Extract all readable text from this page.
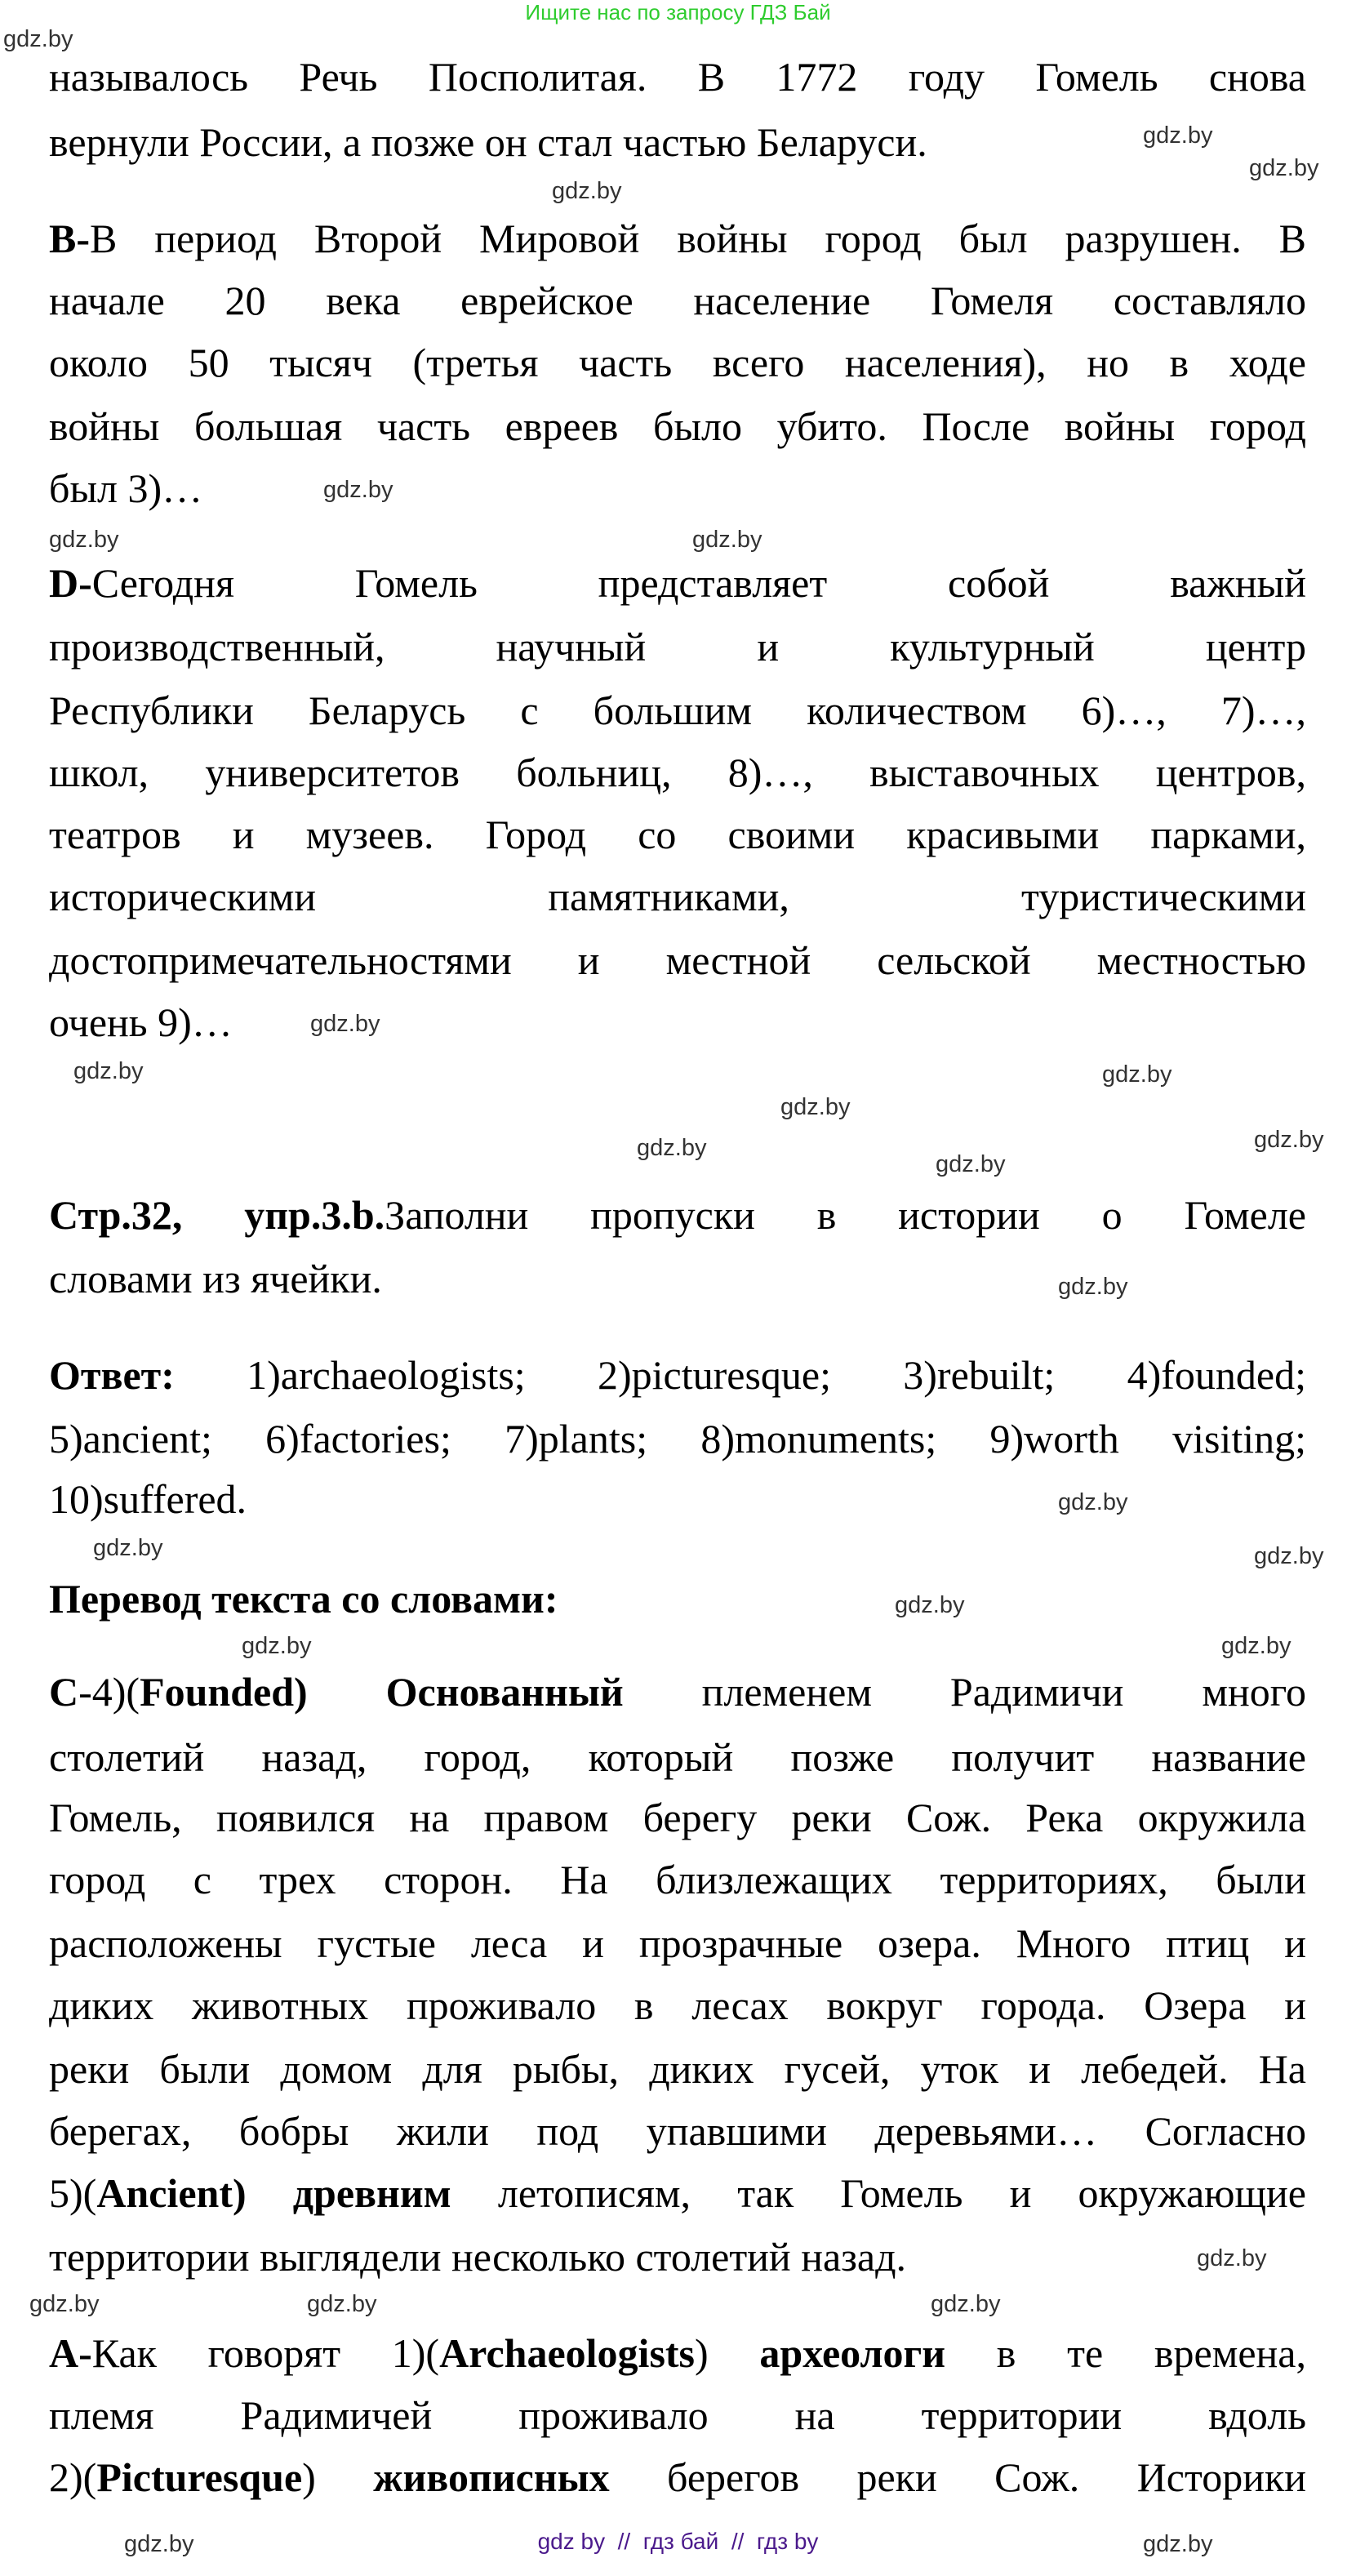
Ищите нас по запросу ГДЗ Бай
называлось Речь Посполитая. В 1772 году Гомель снова
вернули России, а позже он стал частью Беларуси.
B-В период Второй Мировой войны город был разрушен. В
начале 20 века еврейское население Гомеля составляло
около 50 тысяч (третья часть всего населения), но в ходе
войны большая часть евреев было убито. После войны город
был 3)…
D-Сегодня Гомель представляет собой важный
производственный, научный и культурный центр
Республики Беларусь с большим количеством 6)…, 7)…,
школ, университетов больниц, 8)…, выставочных центров,
театров и музеев. Город со своими красивыми парками,
историческими памятниками, туристическими
достопримечательностями и местной сельской местностью
очень 9)…
Стр.32, упр.3.b.Заполни пропуски в истории о Гомеле
словами из ячейки.
Ответ: 1)archaeologists; 2)picturesque; 3)rebuilt; 4)founded;
5)ancient; 6)factories; 7)plants; 8)monuments; 9)worth visiting;
10)suffered.
Перевод текста со словами:
C-4)(Founded) Основанный племенем Радимичи много
столетий назад, город, который позже получит название
Гомель, появился на правом берегу реки Сож. Река окружила
город с трех сторон. На близлежащих территориях, были
расположены густые леса и прозрачные озера. Много птиц и
диких животных проживало в лесах вокруг города. Озера и
реки были домом для рыбы, диких гусей, уток и лебедей. На
берегах, бобры жили под упавшими деревьями… Согласно
5)(Ancient) древним летописям, так Гомель и окружающие
территории выглядели несколько столетий назад.
A-Как говорят 1)(Archaeologists) археологи в те времена,
племя Радимичей проживало на территории вдоль
2)(Picturesque) живописных берегов реки Сож. Историки
gdz by  //  гдз бай  //  гдз by
gdz.by
gdz.by
gdz.by
gdz.by
gdz.by
gdz.by
gdz.by
gdz.by
gdz.by	gdz.by
gdz.by
gdz.by
gdz.by
gdz.by
gdz.by
gdz.by
gdz.by	gdz.by
gdz.by
gdz.by	gdz.by
gdz.by
gdz.by	gdz.by	gdz.by
gdz.by	gdz.by
